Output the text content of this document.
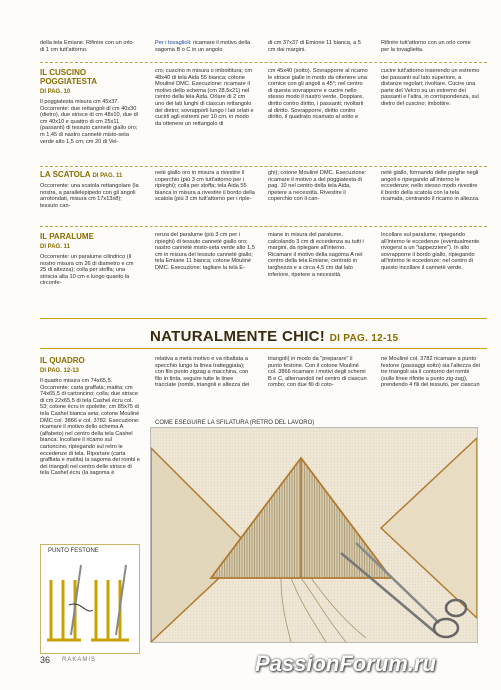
della tela Emiane. Rifinire con un orlo di 1 cm tutt'attorno.

Per i tovaglioli: ricamare il motivo della sagoma B o C in un angolo

di cm 37x37 di Emione 11 bianca, a 5 cm dai margini.

Rifinire tutt'attorno con un orlo come per la tovaglietta.

IL CUSCINO POGGIATESTA
DI PAG. 10

Il poggiatesta misura cm 45x37. Occorrente: due rettangoli di cm 40x30 (dietro), due strisce di cm 48x10, due di cm 40x10 e quattro di cm 25x11 (passanti) di tessuto cannetè giallo oro; m 1,45 di nastro cannetè misto-seta verde alto 1,5 cm; cm 20 di Vel-

cro; cuscino in misura o imbottitura; cm 48x40 di tela Aida 55 bianca; cotone Mouliné DMC. Esecuzione: ricamare il motivo dello schema (cm 28,5x21) nel centro della tela Aida. Orlare di 2 cm uno dei lati lunghi di ciascun rettangolo del dietro; sovrapporli lungo i lati orlati e cucirli agli estremi per 10 cm, in modo da ottenere un rettangolo di

cm 45x40 (sotto). Sovrapporre al ricamo le strisce gialle in modo da ottenere una cornice con gli angoli a 45°; nel centro di questa sovrapporre e cucire nello stesso modo il nastro verde. Doppiare, diritto contro diritto, i passanti; rivoltarli al diritto. Sovrapporre, diritto contro diritto, il quadrato ricamato al sotto e

cucire tutt'attorno inserendo un estremo dei passanti sul lato superiore, a distanze regolari; rivoltare. Cucire una parte del Velcro su un estremo dei passanti e l'altra, in corrispondenza, sul dietro del cuscino; imbottire.

LA SCATOLA DI PAG. 11

Occorrente: una scatola rettangolare (la nostra, a parallelepipedo con gli angoli arrotondati, misura cm 17x13x8); tessuto can-

netè giallo oro in misura a rivestire il coperchio (più 3 cm tutt'attorno per i ripieghi); colla per stoffa; tela Aida 55 bianca in misura a rivestire il bordo della scatola (più 3 cm tutt'attorno per i riple-

ghi); cotone Mouliné DMC. Esecuzione: ricamare il motivo a del poggiatesta di pag. 10 nel centro della tela Aida, ripetere a necessità. Rivestire il coperchio con il can-

netè giallo, formando delle pieghe negli angoli e ripiegando all'interno le eccedenze; nello stesso modo rivestire il bordo della scatola con la tela ricamata, centrando il ricamo in altezza.

IL PARALUME
DI PAG. 11

Occorrente: un paralume cilindrico (il nostro misura cm 26 di diametro e cm 25 di altezza); colla per stoffa; una striscia alta 10 cm e lungo quanto la circonfe-

renza del paralume (più 3 cm per i ripieghi) di tessuto cannetè giallo oro; nastro cannetè misto-seta verde alto 1,5 cm in misura del tessuto cannetè giallo; tela Emiane 11 bianca; cotone Mouliné DMC. Esecuzione: tagliare la tela E-

miane in misura del paralume, calcolando 3 cm di eccedenza su tutti i margini, da ripiegare all'interno. Ricamare il motivo della sagoma A nel centro della tela Emiane, centrato in larghezza e a circa 4,5 cm dal lato inferiore, ripetere a necessità.

Incollare sul paralume, ripiegando all'interno le eccedenze (eventualmente rivogersi a un "tappezziere"). In alto sovrapporre il bordo giallo, ripiegando all'interno le eccedenze; nel centro di questo incollare il cannetè verde.

NATURALMENTE CHIC! DI PAG. 12-15
IL QUADRO
DI PAG. 12-13

Il quadro misura cm 74x65,5. Occorrente: carta graffata; matita; cm 74x65,5 di cartoncino; colla; due strisce di cm 22x65,5 di tela Cashel écru col. 53; cotone écru in spolette; cm 85x75 di tela Cashel bianca seta; cotone Mouliné DMC col. 3866 e col. 3782. Esecuzione: ricamare il motivo dello schema A (alfabeto) nel centro della tela Cashel bianca. Incollare il ricamo sul cartoncino, ripiegando sul retro le eccedenze di tela. Riportare (carta graffiata e matita) la sagoma dei rombi e dei triangoli nel centro delle strisce di tela Cashel écru (la sagoma è

relativa a metà motivo e va ribaltata a specchio lungo la linea tratteggiata); con filo punto zigzag a macchina, con filo in tinta, seguire tutte le linee tracciate (rombi, triangoli e altezza dei

triangoli) in modo da "preparare" il punto festone. Con il cotone Mouliné col. 3866 ricamare i motivi degli schemi B e C, alternandoli nel centro di ciascun rombo; con due fili di coto-

ne Mouliné col. 3782 ricamare a punto festone (passaggi sotto) sia l'altezza dei tre triangoli sia il contorno dei rombi (sulle linee rifinite a punto zig-zag), prendendo 4 fili del tessuto, per ciascun

COME ESEGUIRE LA SFILATURA (RETRO DEL LAVORO)
PUNTO FESTONE
36 RAKAMIS	PassionForum.ru
